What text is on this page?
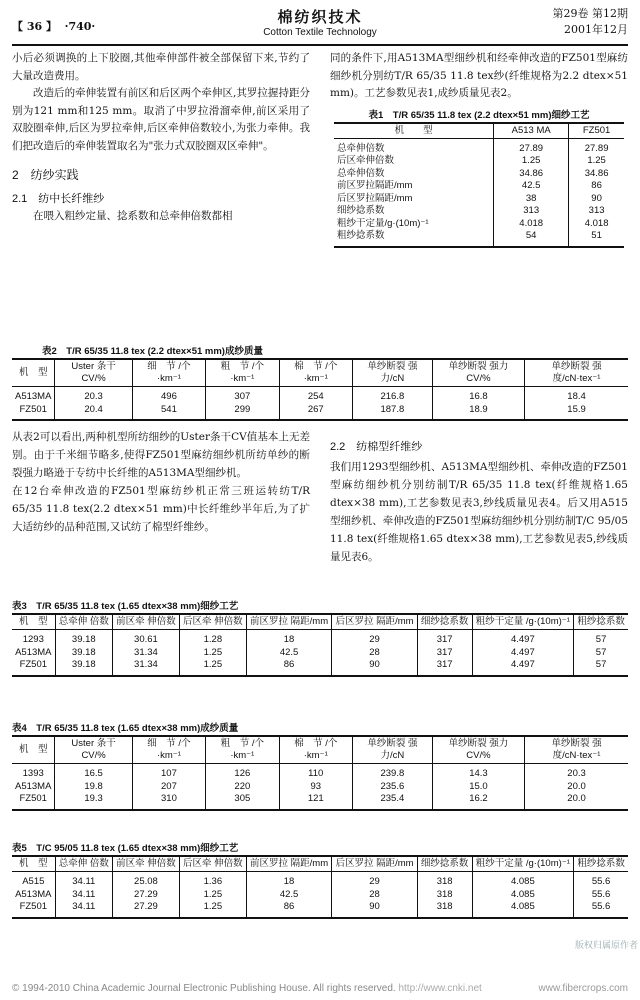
【 36 】 ·740·
棉纺织技术
Cotton Textile Technology
第29卷 第12期
2001年12月

小后必须调换的上下胶圈,其他牵伸部件被全部保留下来,节约了大量改造费用。

改造后的牵伸装置有前区和后区两个牵伸区,其罗拉握持距分别为121 mm和125 mm。取消了中罗拉滑溜牵伸,前区采用了双胶圈牵伸,后区为罗拉牵伸,后区牵伸倍数较小,为张力牵伸。我们把改造后的牵伸装置取名为"张力式双胶圈双区牵伸"。

2　纺纱实践

2.1　纺中长纤维纱

在喂入粗纱定量、捻系数和总牵伸倍数都相

同的条件下,用A513MA型细纱机和经牵伸改造的FZ501型麻纺细纱机分别纺T/R 65/35 11.8 tex纱(纤维规格为2.2 dtex×51 mm)。工艺参数见表1,成纱质量见表2。

表1　T/R 65/35 11.8 tex (2.2 dtex×51 mm)细纱工艺
机　　型	A513 MA	FZ501
总牵伸倍数	27.89	27.89
后区牵伸倍数	1.25	1.25
总牵伸倍数	34.86	34.86
前区罗拉隔距/mm	42.5	86
后区罗拉隔距/mm	38	90
细纱捻系数	313	313
粗纱干定量/g·(10m)⁻¹	4.018	4.018
粗纱捻系数	54	51
表2　T/R 65/35 11.8 tex (2.2 dtex×51 mm)成纱质量
机　型	Uster 条干 CV/%	细　节 /个·km⁻¹	粗　节 /个·km⁻¹	棉　节 /个·km⁻¹	单纱断裂 强力/cN	单纱断裂 强力 CV/%	单纱断裂 强度/cN·tex⁻¹
A513MA	20.3	496	307	254	216.8	16.8	18.4
FZ501	20.4	541	299	267	187.8	18.9	15.9

从表2可以看出,两种机型所纺细纱的Uster条干CV值基本上无差别。由于千米细节略多,使得FZ501型麻纺细纱机所纺单纱的断裂强力略逊于专纺中长纤维的A513MA型细纱机。

在12台牵伸改造的FZ501型麻纺纱机正常三班运转纺T/R 65/35 11.8 tex(2.2 dtex×51 mm)中长纤维纱半年后,为了扩大适纺纱的品种范围,又试纺了棉型纤维纱。

2.2　纺棉型纤维纱

我们用1293型细纱机、A513MA型细纱机、牵伸改造的FZ501型麻纺细纱机分别纺制T/R 65/35 11.8 tex(纤维规格1.65 dtex×38 mm),工艺参数见表3,纱线质量见表4。后又用A515型细纱机、牵伸改造的FZ501型麻纺细纱机分别纺制T/C 95/05 11.8 tex(纤维规格1.65 dtex×38 mm),工艺参数见表5,纱线质量见表6。

表3　T/R 65/35 11.8 tex (1.65 dtex×38 mm)细纱工艺
机　型	总牵伸 倍数	前区牵 伸倍数	后区牵 伸倍数	前区罗拉 隔距/mm	后区罗拉 隔距/mm	细纱捻系数	粗纱干定量 /g·(10m)⁻¹	粗纱捻系数
1293	39.18	30.61	1.28	18	29	317	4.497	57
A513MA	39.18	31.34	1.25	42.5	28	317	4.497	57
FZ501	39.18	31.34	1.25	86	90	317	4.497	57
表4　T/R 65/35 11.8 tex (1.65 dtex×38 mm)成纱质量
机　型	Uster 条干 CV/%	细　节 /个·km⁻¹	粗　节 /个·km⁻¹	棉　节 /个·km⁻¹	单纱断裂 强力/cN	单纱断裂 强力 CV/%	单纱断裂 强度/cN·tex⁻¹
1393	16.5	107	126	110	239.8	14.3	20.3
A513MA	19.8	207	220	93	235.6	15.0	20.0
FZ501	19.3	310	305	121	235.4	16.2	20.0
表5　T/C 95/05 11.8 tex (1.65 dtex×38 mm)细纱工艺
机　型	总牵伸 倍数	前区牵 伸倍数	后区牵 伸倍数	前区罗拉 隔距/mm	后区罗拉 隔距/mm	细纱捻系数	粗纱干定量 /g·(10m)⁻¹	粗纱捻系数
A515	34.11	25.08	1.36	18	29	318	4.085	55.6
A513MA	34.11	27.29	1.25	42.5	28	318	4.085	55.6
FZ501	34.11	27.29	1.25	86	90	318	4.085	55.6
版权归属原作者
© 1994-2010 China Academic Journal Electronic Publishing House. All rights reserved. http://www.cnki.net	www.fibercrops.com
